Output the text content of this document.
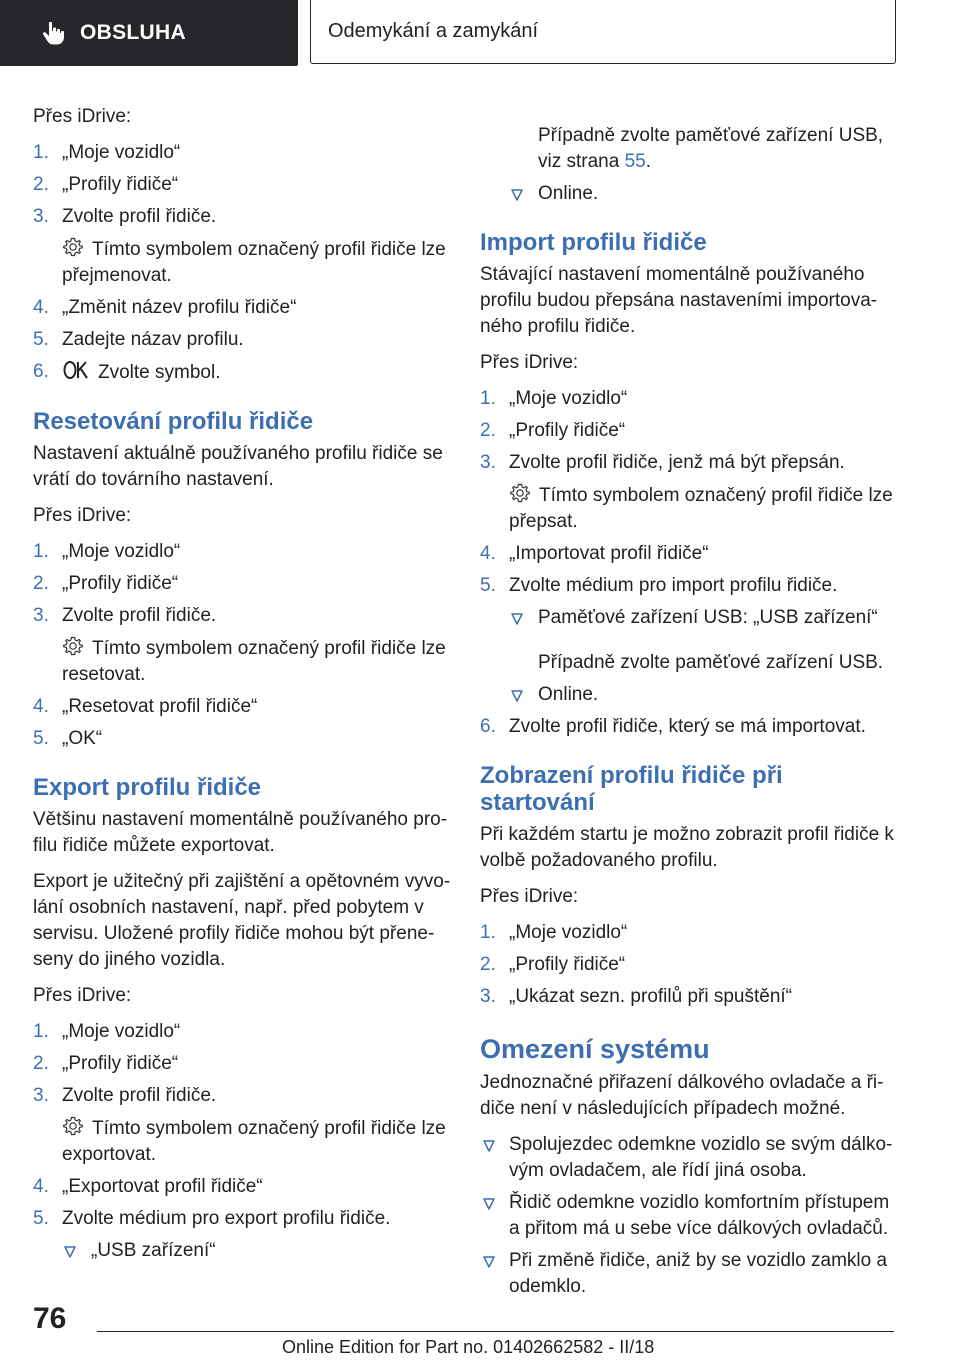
OBSLUHA	Odemykání a zamykání

Přes iDrive:

1. „Moje vozidlo“
2. „Profily řidiče“
3. Zvolte profil řidiče.

Tímto symbolem označený profil řidiče lze přejmenovat.

4. „Změnit název profilu řidiče“
5. Zadejte názav profilu.
6.	Zvolte symbol.
Resetování profilu řidiče

Nastavení aktuálně používaného profilu řidiče se vrátí do továrního nastavení.

Přes iDrive:

1. „Moje vozidlo“
2. „Profily řidiče“
3. Zvolte profil řidiče.

Tímto symbolem označený profil řidiče lze resetovat.

4. „Resetovat profil řidiče“
5. „OK“
Export profilu řidiče

Většinu nastavení momentálně používaného profilu řidiče můžete exportovat.

Export je užitečný při zajištění a opětovném vyvolání osobních nastavení, např. před pobytem v servisu. Uložené profily řidiče mohou být přeneseny do jiného vozidla.

Přes iDrive:

1. „Moje vozidlo“
2. „Profily řidiče“
3. Zvolte profil řidiče.

Tímto symbolem označený profil řidiče lze exportovat.

4. „Exportovat profil řidiče“
5. Zvolte médium pro export profilu řidiče.
„USB zařízení“

Případně zvolte paměťové zařízení USB, viz strana 55.

Online.
Import profilu řidiče

Stávající nastavení momentálně používaného profilu budou přepsána nastaveními importovaného profilu řidiče.

Přes iDrive:

1. „Moje vozidlo“
2. „Profily řidiče“
3. Zvolte profil řidiče, jenž má být přepsán.

Tímto symbolem označený profil řidiče lze přepsat.

4. „Importovat profil řidiče“
5. Zvolte médium pro import profilu řidiče.
Paměťové zařízení USB: „USB zařízení“

Případně zvolte paměťové zařízení USB.

Online.
6. Zvolte profil řidiče, který se má importovat.
Zobrazení profilu řidiče při startování

Při každém startu je možno zobrazit profil řidiče k volbě požadovaného profilu.

Přes iDrive:

1. „Moje vozidlo“
2. „Profily řidiče“
3. „Ukázat sezn. profilů při spuštění“
Omezení systému

Jednoznačné přiřazení dálkového ovladače a řidiče není v následujících případech možné.

Spolujezdec odemkne vozidlo se svým dálkovým ovladačem, ale řídí jiná osoba.
Řidič odemkne vozidlo komfortním přístupem a přitom má u sebe více dálkových ovladačů.
Při změně řidiče, aniž by se vozidlo zamklo a odemklo.
76
Online Edition for Part no. 01402662582 - II/18
